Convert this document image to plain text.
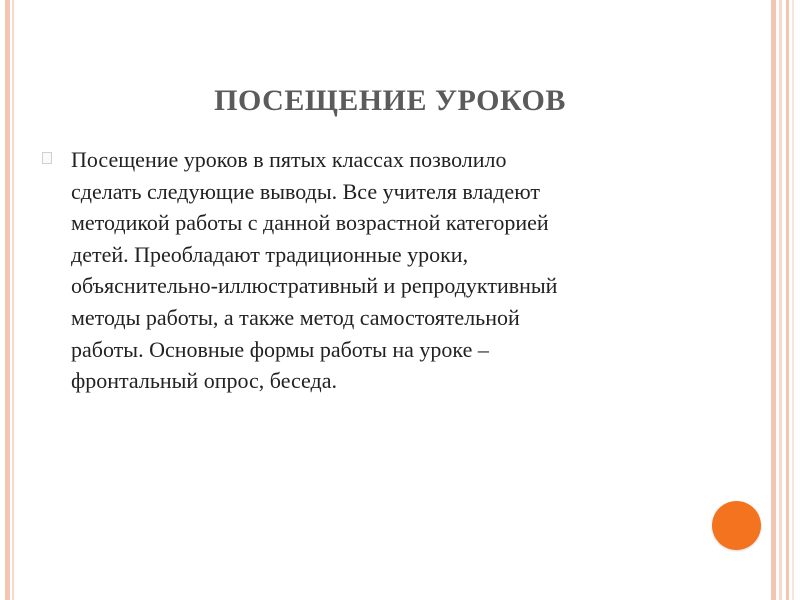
ПОСЕЩЕНИЕ УРОКОВ
Посещение уроков в пятых классах позволило
сделать следующие выводы. Все учителя владеют
методикой работы с данной возрастной категорией
детей. Преобладают традиционные уроки,
объяснительно-иллюстративный и репродуктивный
методы работы, а также метод самостоятельной
работы. Основные формы работы на уроке –
фронтальный опрос, беседа.
